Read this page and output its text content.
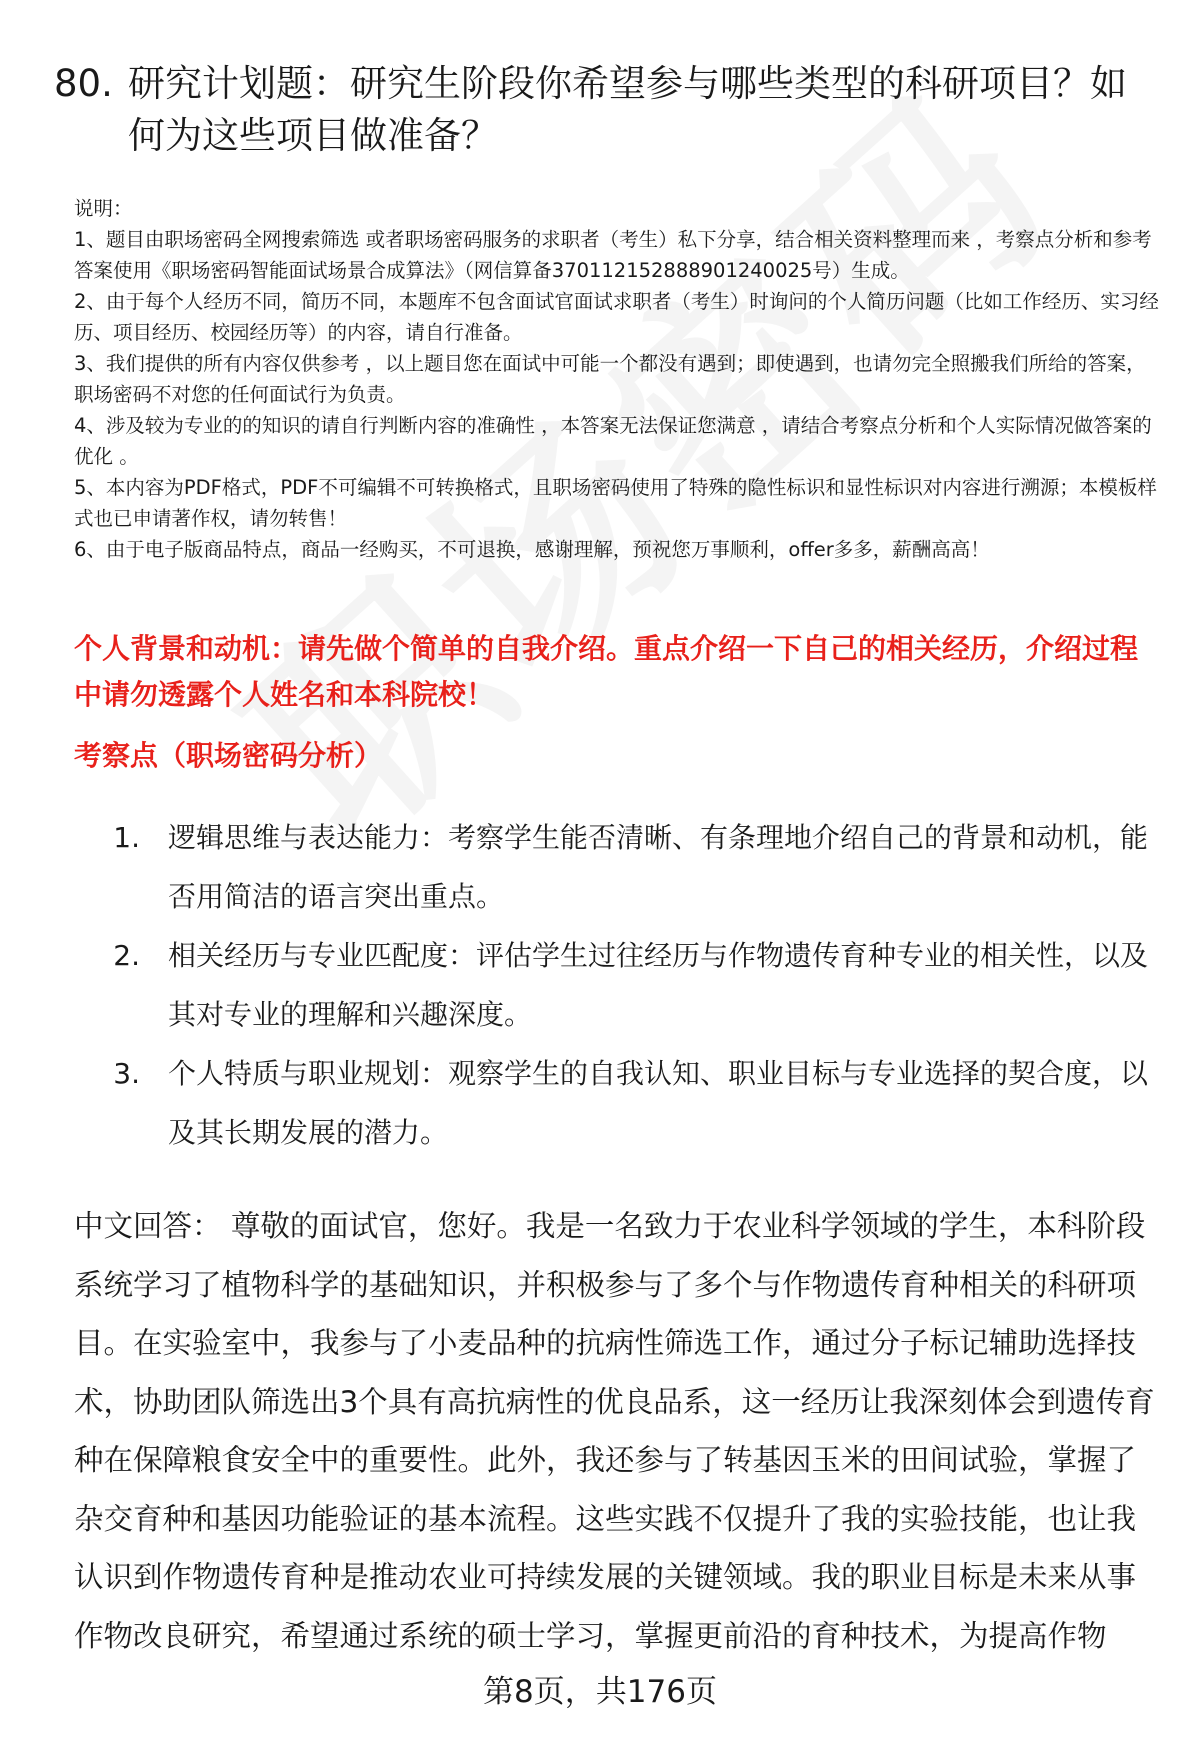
80. 研究计划题：研究生阶段你希望参与哪些类型的科研项目？如何为这些项目做准备？

说明：

1、题目由职场密码全网搜索筛选 或者职场密码服务的求职者（考生）私下分享，结合相关资料整理而来 ，考察点分析和参考答案使用《职场密码智能面试场景合成算法》（网信算备370112152888901240025号）生成。

2、由于每个人经历不同，简历不同，本题库不包含面试官面试求职者（考生）时询问的个人简历问题（比如工作经历、实习经历、项目经历、校园经历等）的内容，请自行准备。

3、我们提供的所有内容仅供参考 ，以上题目您在面试中可能一个都没有遇到；即使遇到，也请勿完全照搬我们所给的答案，职场密码不对您的任何面试行为负责。

4、涉及较为专业的的知识的请自行判断内容的准确性 ，本答案无法保证您满意 ，请结合考察点分析和个人实际情况做答案的优化 。

5、本内容为PDF格式，PDF不可编辑不可转换格式，且职场密码使用了特殊的隐性标识和显性标识对内容进行溯源；本模板样式也已申请著作权，请勿转售！

6、由于电子版商品特点，商品一经购买，不可退换，感谢理解，预祝您万事顺利，offer多多，薪酬高高！

个人背景和动机：请先做个简单的自我介绍。重点介绍一下自己的相关经历，介绍过程中请勿透露个人姓名和本科院校！
考察点（职场密码分析）
1.	逻辑思维与表达能力：考察学生能否清晰、有条理地介绍自己的背景和动机，能否用简洁的语言突出重点。
2.	相关经历与专业匹配度：评估学生过往经历与作物遗传育种专业的相关性，以及其对专业的理解和兴趣深度。
3.	个人特质与职业规划：观察学生的自我认知、职业目标与专业选择的契合度，以及其长期发展的潜力。

中文回答： 尊敬的面试官，您好。我是一名致力于农业科学领域的学生，本科阶段系统学习了植物科学的基础知识，并积极参与了多个与作物遗传育种相关的科研项目。在实验室中，我参与了小麦品种的抗病性筛选工作，通过分子标记辅助选择技术，协助团队筛选出3个具有高抗病性的优良品系，这一经历让我深刻体会到遗传育种在保障粮食安全中的重要性。此外，我还参与了转基因玉米的田间试验，掌握了杂交育种和基因功能验证的基本流程。这些实践不仅提升了我的实验技能，也让我认识到作物遗传育种是推动农业可持续发展的关键领域。我的职业目标是未来从事作物改良研究，希望通过系统的硕士学习，掌握更前沿的育种技术，为提高作物

第8页，共176页
